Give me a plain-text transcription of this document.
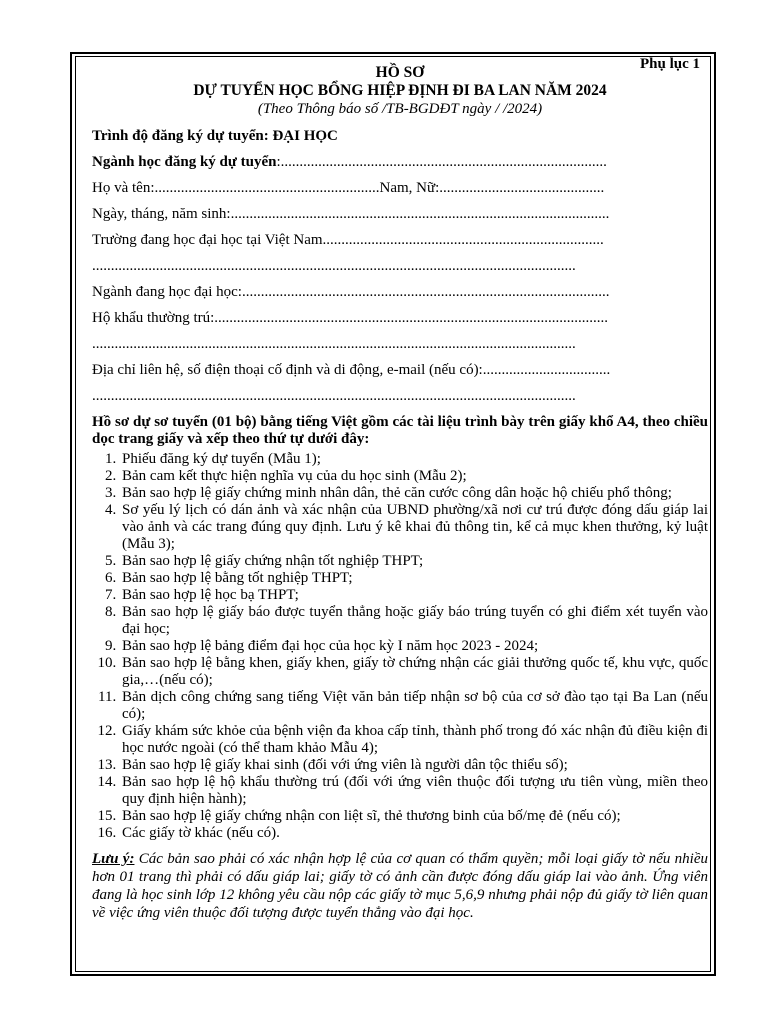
Phụ lục 1
HỒ SƠ
DỰ TUYỂN HỌC BỔNG HIỆP ĐỊNH ĐI BA LAN NĂM 2024
(Theo Thông báo số /TB-BGDĐT ngày / /2024)
Trình độ đăng ký dự tuyển: ĐẠI HỌC
Ngành học đăng ký dự tuyển:.......................................................................................
Họ và tên:............................................................Nam, Nữ:............................................
Ngày, tháng, năm sinh:.....................................................................................................
Trường đang học đại học tại Việt Nam...........................................................................
.................................................................................................................................
Ngành đang học đại học:..................................................................................................
Hộ khẩu thường trú:.........................................................................................................
.................................................................................................................................
Địa chỉ liên hệ, số điện thoại cố định và di động, e-mail (nếu có):..................................
.................................................................................................................................
Hồ sơ dự sơ tuyển (01 bộ) bằng tiếng Việt gồm các tài liệu trình bày trên giấy khổ A4, theo chiều dọc trang giấy và xếp theo thứ tự dưới đây:
1. Phiếu đăng ký dự tuyển (Mẫu 1);
2. Bản cam kết thực hiện nghĩa vụ của du học sinh (Mẫu 2);
3. Bản sao hợp lệ giấy chứng minh nhân dân, thẻ căn cước công dân hoặc hộ chiếu phổ thông;
4. Sơ yếu lý lịch có dán ảnh và xác nhận của UBND phường/xã nơi cư trú được đóng dấu giáp lai vào ảnh và các trang đúng quy định. Lưu ý kê khai đủ thông tin, kể cả mục khen thưởng, kỷ luật (Mẫu 3);
5. Bản sao hợp lệ giấy chứng nhận tốt nghiệp THPT;
6. Bản sao hợp lệ bằng tốt nghiệp THPT;
7. Bản sao hợp lệ học bạ THPT;
8. Bản sao hợp lệ giấy báo được tuyển thẳng hoặc giấy báo trúng tuyển có ghi điểm xét tuyển vào đại học;
9. Bản sao hợp lệ bảng điểm đại học của học kỳ I năm học 2023 - 2024;
10. Bản sao hợp lệ bằng khen, giấy khen, giấy tờ chứng nhận các giải thưởng quốc tế, khu vực, quốc gia,…(nếu có);
11. Bản dịch công chứng sang tiếng Việt văn bản tiếp nhận sơ bộ của cơ sở đào tạo tại Ba Lan (nếu có);
12. Giấy khám sức khỏe của bệnh viện đa khoa cấp tỉnh, thành phố trong đó xác nhận đủ điều kiện đi học nước ngoài (có thể tham khảo Mẫu 4);
13. Bản sao hợp lệ giấy khai sinh (đối với ứng viên là người dân tộc thiểu số);
14. Bản sao hợp lệ hộ khẩu thường trú (đối với ứng viên thuộc đối tượng ưu tiên vùng, miền theo quy định hiện hành);
15. Bản sao hợp lệ giấy chứng nhận con liệt sĩ, thẻ thương binh của bố/mẹ đẻ (nếu có);
16. Các giấy tờ khác (nếu có).
Lưu ý: Các bản sao phải có xác nhận hợp lệ của cơ quan có thẩm quyền; mỗi loại giấy tờ nếu nhiều hơn 01 trang thì phải có dấu giáp lai; giấy tờ có ảnh cần được đóng dấu giáp lai vào ảnh. Ứng viên đang là học sinh lớp 12 không yêu cầu nộp các giấy tờ mục 5,6,9 nhưng phải nộp đủ giấy tờ liên quan về việc ứng viên thuộc đối tượng được tuyển thẳng vào đại học.
